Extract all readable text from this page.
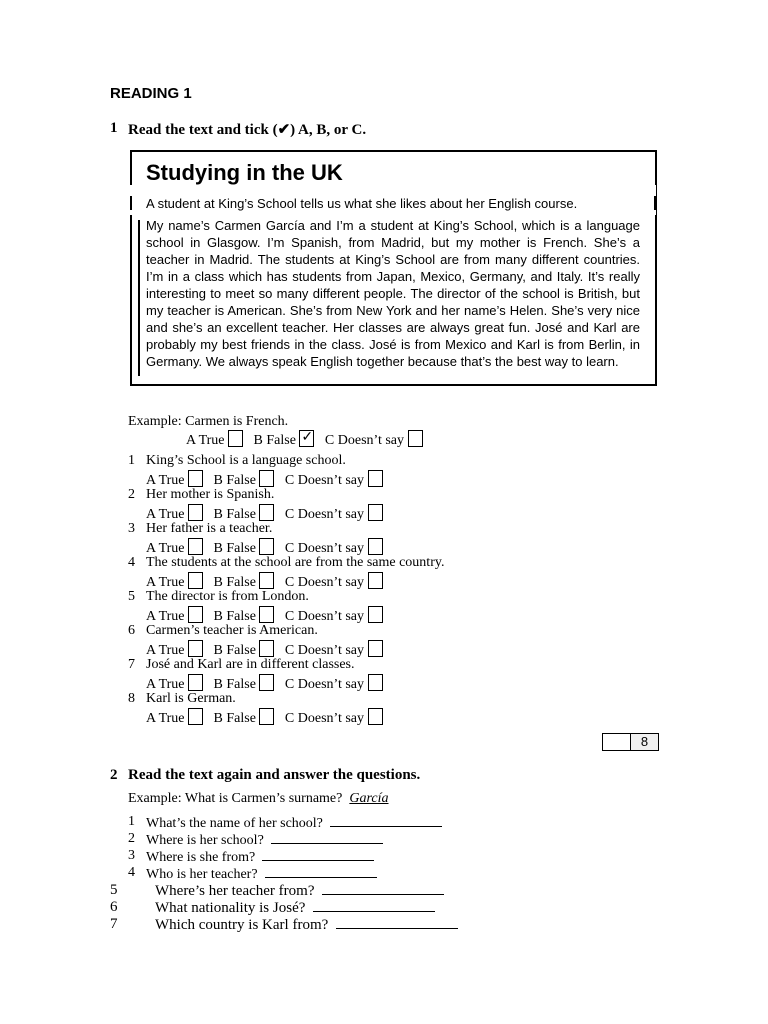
READING 1
1 Read the text and tick (✔) A, B, or C.
Studying in the UK
A student at King’s School tells us what she likes about her English course.
My name’s Carmen García and I’m a student at King’s School, which is a language school in Glasgow. I’m Spanish, from Madrid, but my mother is French. She’s a teacher in Madrid. The students at King’s School are from many different countries. I’m in a class which has students from Japan, Mexico, Germany, and Italy. It’s really interesting to meet so many different people. The director of the school is British, but my teacher is American. She’s from New York and her name’s Helen. She’s very nice and she’s an excellent teacher. Her classes are always great fun. José and Karl are probably my best friends in the class. José is from Mexico and Karl is from Berlin, in Germany. We always speak English together because that’s the best way to learn.
Example: Carmen is French.
A True B False ✓ C Doesn’t say
1 King’s School is a language school.
A True B False C Doesn’t say
2 Her mother is Spanish.
A True B False C Doesn’t say
3 Her father is a teacher.
A True B False C Doesn’t say
4 The students at the school are from the same country.
A True B False C Doesn’t say
5 The director is from London.
A True B False C Doesn’t say
6 Carmen’s teacher is American.
A True B False C Doesn’t say
7 José and Karl are in different classes.
A True B False C Doesn’t say
8 Karl is German.
A True B False C Doesn’t say
8
2 Read the text again and answer the questions.
Example: What is Carmen’s surname? García
1 What’s the name of her school?
2 Where is her school?
3 Where is she from?
4 Who is her teacher?
5	Where’s her teacher from?
6	What nationality is José?
7	Which country is Karl from?
